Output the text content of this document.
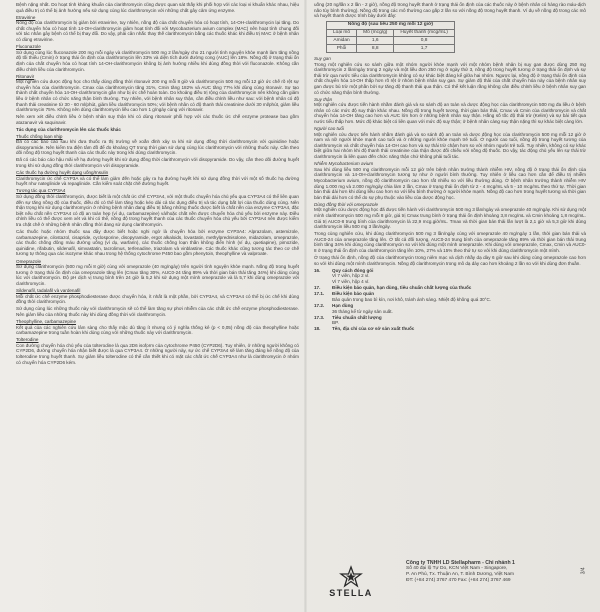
Bệnh nặng nhất. Do hoạt tính kháng khuẩn của clarithromycin cũng được quan sát thấy khi phối hợp với các loại vi khuẩn khác nhau, hiệu quả điều trị có thể bị ảnh hưởng nếu sử dụng cùng lúc clarithromycin với những chất gây cảm ứng enzyme.

Etravirine

Nồng độ của clarithromycin bị giảm bởi etravirine, tuy nhiên, nồng độ của chất chuyển hóa có hoạt tính, 14-OH-clarithromycin lại tăng. Do chất chuyển hóa có hoạt tính 14-OH-clarithromycin giảm hoạt tính đối với Mycobacterium avium complex (MAC) nên hoạt tính chung đối với tác nhân gây bệnh có thể bị thay đổi. Do vậy, phải cân nhắc thay thế clarithromycin bằng các thuốc khác khi điều trị MAC ở bệnh nhân có dùng etravirine.

Fluconazole

Sử dụng cùng lúc fluconazole 200 mg mỗi ngày và clarithromycin 500 mg 2 lần/ngày cho 21 người tình nguyện khỏe mạnh làm tăng nồng độ tối thiểu (Cmin) ở trạng thái ổn định của clarithromycin lên 33% và diện tích dưới đường cong (AUC) lên 18%. Nồng độ ở trạng thái ổn định của chất chuyển hóa có hoạt tính 14-OH-clarithromycin không bị ảnh hưởng nhiều khi dùng đồng thời với fluconazole. Không cần điều chỉnh liều của clarithromycin.

Ritonavir

Một nghiên cứu dược động học cho thấy dùng đồng thời ritonavir 200 mg mỗi 8 giờ và clarithromycin 500 mg mỗi 12 giờ ức chế rõ rệt sự chuyển hóa của clarithromycin. Cmax của clarithromycin tăng 31%, Cmin tăng 182% và AUC tăng 77% khi dùng cùng ritonavir. Sự tạo thành chất chuyển hóa 14-OH-clarithromycin gần như bị ức chế hoàn toàn. Do khoảng điều trị rộng của clarithromycin nên không cần giảm liều ở bệnh nhân có chức năng thận bình thường. Tuy nhiên, với bệnh nhân suy thận, cần điều chỉnh liều như sau: với bệnh nhân có độ thanh thải creatinine từ 30 - 60 ml/phút, giảm liều clarithromycin 50%; với bệnh nhân có độ thanh thải creatinine dưới 30 ml/phút, giảm liều clarithromycin 75%. Không nên dùng clarithromycin liều cao hơn 1 g/ngày cùng với ritonavir.

Nên xem xét điều chỉnh liều ở bệnh nhân suy thận khi có dùng ritonavir phối hợp với các thuốc ức chế enzyme protease bao gồm atazanavir và saquinavir.

Tác dụng của clarithromycin lên các thuốc khác

Thuốc chống loạn nhịp

Đã có các báo cáo sau khi đưa thuốc ra thị trường về xoắn đỉnh xảy ra khi sử dụng đồng thời clarithromycin với quinidine hoặc disopyramide. Nên kiểm tra điện tâm đồ để đo khoảng QT trong thời gian sử dụng cùng lúc clarithromycin với những thuốc này. Cần theo dõi nồng độ trong huyết thanh của các thuốc này trong khi dùng clarithromycin.

Đã có các báo cáo hậu mãi về hạ đường huyết khi sử dụng đồng thời clarithromycin với disopyramide. Do vậy, cần theo dõi đường huyết trong khi sử dụng đồng thời clarithromycin với disopyramide.

Các thuốc hạ đường huyết dạng uống/Insulin

Clarithromycin ức chế CYP3A và có thể làm giảm đến hoặc gây ra hạ đường huyết khi sử dụng đồng thời với một số thuốc hạ đường huyết như nateglinide và repaglinide. Cần kiểm soát chặt chẽ đường huyết.

Tương tác qua CYP3A4

Sử dụng đồng thời clarithromycin, được biết là một chất ức chế CYP3A4, với một thuốc chuyển hóa chủ yếu qua CYP3A4 có thể liên quan đến sự tăng nồng độ của thuốc, điều đó có thể làm tăng hoặc kéo dài cả tác dụng điều trị và tác dụng bất lợi của thuốc dùng cùng. Nên thận trọng khi sử dụng clarithromycin ở những bệnh nhân đang điều trị bằng những thuốc được biết là chất nền của enzyme CYP3A4, đặc biệt nếu chất nền CYP3A4 có độ an toàn hẹp (ví dụ, carbamazepine) và/hoặc chất nền được chuyển hóa chủ yếu bởi enzyme này. Điều chỉnh liều có thể được xem xét và khi có thể, nồng độ trong huyết thanh của các thuốc chuyển hóa chủ yếu bởi CYP3A4 nên được kiểm tra chặt chẽ ở những bệnh nhân đồng thời đang sử dụng clarithromycin.

Các thuốc hoặc nhóm thuốc sau đây được biết hoặc nghi ngờ là chuyển hóa bởi enzyme CYP3A4: Alprazolam, astemizole, carbamazepine, cilostazol, cisapride, cyclosporine, disopyramide, ergot alkaloids, lovastatin, methylprednisolone, midazolam, omeprazole, các thuốc chống đông máu đường uống (ví dụ, warfarin), các thuốc chống loạn thần không điển hình (ví dụ, quetiapine), pimozide, quinidine, rifabutin, sildenafil, simvastatin, tacrolimus, terfenadine, triazolam và vinblastine. Các thuốc khác cũng tương tác theo cơ chế tương tự thông qua các isozyme khác nhau trong hệ thống cytochrome P450 bao gồm phenytoin, theophylline và valproate.

Omeprazole

Sử dụng clarithromycin (500 mg mỗi 8 giờ) cùng với omeprazole (40 mg/ngày) trên người tình nguyện khỏe mạnh. Nồng độ trong huyết tương ở trạng thái ổn định của omeprazole tăng lên (Cmax tăng 30%, AUC0-24 tăng 89% và thời gian bán thải tăng 34%) khi dùng cùng lúc với clarithromycin. Độ pH dịch vị trung bình trên 24 giờ là 5,2 khi sử dụng một mình omeprazole và là 5,7 khi dùng omeprazole với clarithromycin.

Sildenafil, tadalafil và vardenafil

Mỗi chất ức chế enzyme phosphodiesterase được chuyển hóa, ít nhất là một phần, bởi CYP3A4, và CYP3A4 có thể bị ức chế khi dùng đồng thời clarithromycin.

Sử dụng cùng lúc những thuốc này với clarithromycin sẽ có thể làm tăng sự phơi nhiễm của các chất ức chế enzyme phosphodiesterase. Nên giảm liều của những thuốc này khi dùng đồng thời với clarithromycin.

Theophylline, carbamazepine

Kết quả của các nghiên cứu lâm sàng cho thấy mặc dù tăng ít nhưng có ý nghĩa thống kê (p < 0,05) nồng độ của theophylline hoặc carbamazepine trong tuần hoàn khi dùng cùng với những thuốc này với clarithromycin.

Tolterodine

Con đường chuyển hóa chủ yếu của tolterodine là qua 2D6 isoform của cytochrome P450 (CYP2D6). Tuy nhiên, ở những người không có CYP2D6, đường chuyển hóa nhận biết được là qua CYP3A4. Ở những người này, sự ức chế CYP3A4 sẽ làm tăng đáng kể nồng độ của tolterodine trong huyết thanh. Sự giảm liều tolterodine có thể cần thiết khi có mặt các chất ức chế CYP3A4 như là clarithromycin ở nhóm có chuyển hóa CYP2D6 kém.

uống (20 ng/lần x 2 lần - 2 giờ), nồng độ trong huyết thanh ở trạng thái ổn định của các thuốc này ở bệnh nhân có hàng rào máu-dịch não tủy bình thường). Nồng độ trong các mô thường cao gấp 2 lần so với nồng độ trong huyết thanh. Ví dụ về nồng độ trong các mô và huyết thanh được trình bày dưới đây:

Nồng độ (sau liều 250 mg mỗi 12 giờ)		
Loại mô	Mô (mcg/g)	Huyết thanh (mcg/mL)
Amidan	1,6	0,8
Phổi	8,8	1,7

Suy gan

Trong một nghiên cứu so sánh giữa một nhóm người khỏe mạnh với một nhóm bệnh nhân bị suy gan được dùng 250 mg clarithromycin 2 lần/ngày trong 2 ngày và một liều đơn 250 mg ở ngày thứ 3, nồng độ trong huyết tương ở trạng thái ổn định và sự thải trừ qua nước tiểu của clarithromycin không có sự khác biệt đáng kể giữa hai nhóm. Ngược lại, nồng độ ở trạng thái ổn định của chất chuyển hóa 14-OH thấp hơn rõ rệt ở nhóm bệnh nhân suy gan. Sự giảm độ thải của chất chuyển hóa này của bệnh nhân suy gan được bù trừ một phần bởi sự tăng độ thanh thải qua thận. Có thể kết luận rằng không cần điều chỉnh liều ở bệnh nhân suy gan có chức năng thận bình thường.

Suy thận

Một nghiên cứu được tiến hành nhằm đánh giá và so sánh độ an toàn và dược động học của clarithromycin 500 mg đa liều ở bệnh nhân có các mức độ suy thận khác nhau. Nồng độ trong huyết tương, thời gian bán thải, Cmax và Cmin của clarithromycin và chất chuyển hóa 14-OH tăng cao hơn và AUC lớn hơn ở những bệnh nhân suy thận. Hằng số tốc độ thải trừ (Kelim) và sự bài tiết qua nước tiểu thấp hơn. Mức độ khác biệt có liên quan với mức độ suy thận; ở bệnh nhân càng suy thận nặng thì sự khác biệt càng lớn.

Người cao tuổi

Một nghiên cứu được tiến hành nhằm đánh giá và so sánh độ an toàn và dược động học của clarithromycin 500 mg mỗi 12 giờ ở nam và nữ người khỏe mạnh cao tuổi và ở những người khỏe mạnh trẻ tuổi. Ở người cao tuổi, nồng độ trong huyết tương của clarithromycin và chất chuyển hóa 14-OH cao hơn và sự thải trừ chậm hơn so với nhóm người trẻ tuổi. Tuy nhiên, không có sự khác biệt giữa hai nhóm khi độ thanh thải creatinine của thận được đối chiếu với nồng độ thuốc. Do vậy, tác động chủ yếu lên sự thải trừ clarithromycin là liên quan đến chức năng thận chứ không phải tuổi tác.

Nhiễm Mycobacterium avium

Sau khi dùng liều 500 mg clarithromycin mỗi 12 giờ trên bệnh nhân trưởng thành nhiễm HIV, nồng độ ở trạng thái ổn định của clarithromycin và 14-OH-clarithromycin tương tự như ở người bình thường. Tuy nhiên ở liều cao hơn cần để điều trị nhiễm Mycobacterium avium, nồng độ clarithromycin cao hơn rất nhiều so với liều thường dùng. Ở bệnh nhân trưởng thành nhiễm HIV dùng 1.000 mg và 2.000 mg/ngày chia làm 2 lần, Cmax ở trạng thái ổn định từ 2 - 4 mcg/mL và 5 - 10 mcg/mL theo thứ tự. Thời gian bán thải dài hơn khi dùng liều cao hơn so với liều bình thường ở người khỏe mạnh. Nồng độ cao hơn trong huyết tương và thời gian bán thải dài hơn có thể do sự phụ thuộc vào liều của dược động học.

Dùng đồng thời với omeprazole

Một nghiên cứu dược động học đã được tiến hành với clarithromycin 500 mg 3 lần/ngày và omeprazole 40 mg/ngày. Khi sử dụng một mình clarithromycin 500 mg mỗi 8 giờ, giá trị Cmax trung bình ở trạng thái ổn định khoảng 3,8 mcg/mL và Cmin khoảng 1,8 mcg/mL. Giá trị AUC0-8 trung bình của clarithromycin là 22,9 mcg.giờ/mL. Tmax và thời gian bán thải lần lượt là 2,1 giờ và 5,3 giờ khi dùng clarithromycin liều 500 mg 3 lần/ngày.

Trong cùng nghiên cứu, khi dùng clarithromycin 500 mg 3 lần/ngày cùng với omeprazole 40 mg/ngày 1 lần, thời gian bán thải và AUC0-24 của omeprazole tăng lên. Ở tất cả đối tượng, AUC0-24 trung bình của omeprazole tăng 89% và thời gian bán thải trung bình tăng 34% khi dùng cùng clarithromycin so với khi dùng một mình omeprazole. Khi dùng với omeprazole, Cmax, Cmin và AUC0-8 ở trạng thái ổn định của clarithromycin tăng lên 10%, 27% và 15% theo thứ tự so với khi dùng clarithromycin một mình.

Ở trạng thái ổn định, nồng độ của clarithromycin trong niêm mạc và dịch nhầy dạ dày 6 giờ sau khi dùng cùng omeprazole cao hơn so với khi dùng một mình clarithromycin. Nồng độ clarithromycin trong mô dạ dày cao hơn khoảng 2 lần so với khi dùng đơn thuần.

16.	Quy cách đóng gói
Vỉ 7 viên, hộp 2 vỉ.
Vỉ 7 viên, hộp 4 vỉ.
17.	Điều kiện bảo quản, hạn dùng, tiêu chuẩn chất lượng của thuốc
17.1.	Điều kiện bảo quản
Bảo quản trong bao bì kín, nơi khô, tránh ánh sáng. Nhiệt độ không quá 30°C.
17.2.	Hạn dùng
36 tháng kể từ ngày sản xuất.
17.3.	Tiêu chuẩn chất lượng
BP.
18.	Tên, địa chỉ của cơ sở sản xuất thuốc
STELLA
Công ty TNHH LD Stellapharm - Chi nhánh 1
Số 40 đại lộ Tự Do, KCN Việt Nam - Singapore,
P. An Phú, Tx. Thuận An, T. Bình Dương, Việt Nam
ĐT: (+84 274) 3767 470 Fax: (+84 274) 3767 469
3/4
